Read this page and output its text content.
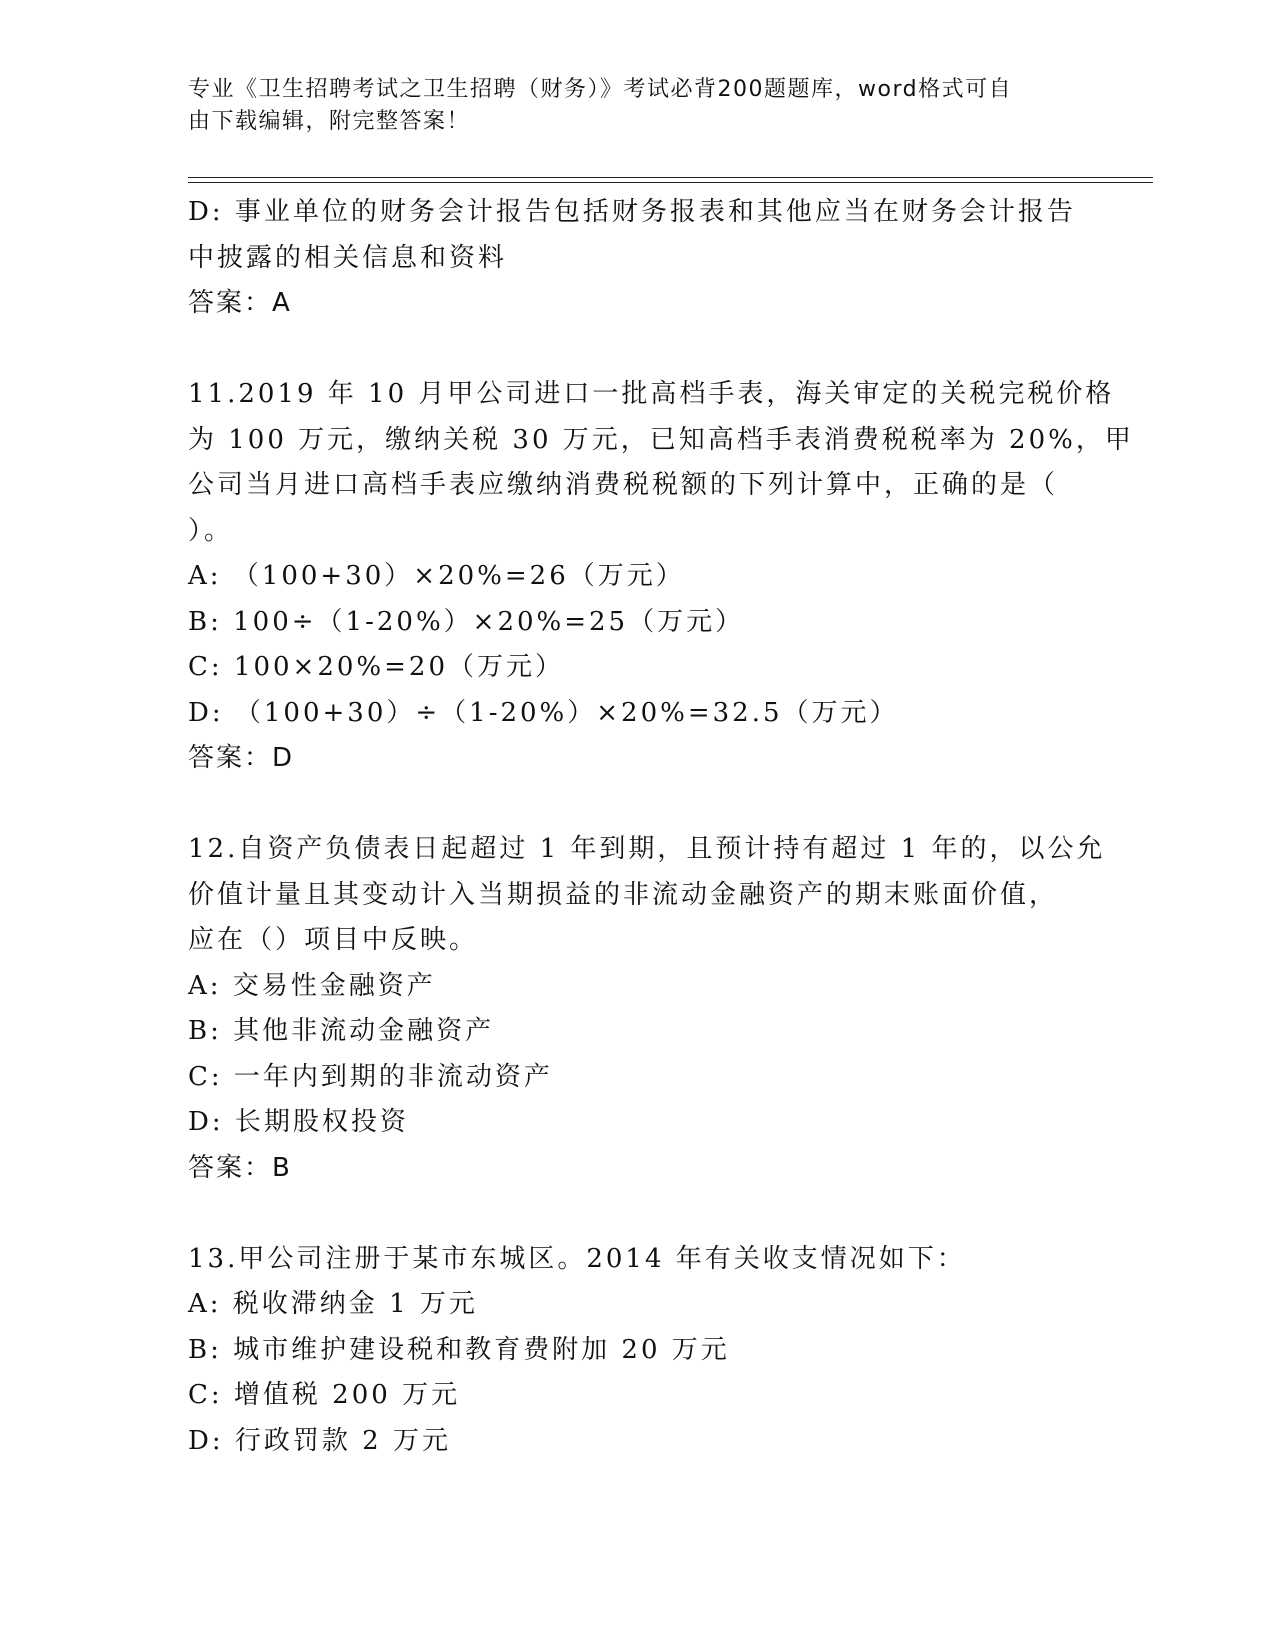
专业《卫生招聘考试之卫生招聘（财务）》考试必背200题题库，word格式可自
由下载编辑，附完整答案！
D: 事业单位的财务会计报告包括财务报表和其他应当在财务会计报告
中披露的相关信息和资料
答案：A
11.2019 年 10 月甲公司进口一批高档手表，海关审定的关税完税价格
为 100 万元，缴纳关税 30 万元，已知高档手表消费税税率为 20%，甲
公司当月进口高档手表应缴纳消费税税额的下列计算中，正确的是（
）。
A: （100+30）×20%=26（万元）
B: 100÷（1-20%）×20%=25（万元）
C: 100×20%=20（万元）
D: （100+30）÷（1-20%）×20%=32.5（万元）
答案：D
12.自资产负债表日起超过 1 年到期，且预计持有超过 1 年的，以公允
价值计量且其变动计入当期损益的非流动金融资产的期末账面价值，
应在（）项目中反映。
A: 交易性金融资产
B: 其他非流动金融资产
C: 一年内到期的非流动资产
D: 长期股权投资
答案：B
13.甲公司注册于某市东城区。2014 年有关收支情况如下：
A: 税收滞纳金 1 万元
B: 城市维护建设税和教育费附加 20 万元
C: 增值税 200 万元
D: 行政罚款 2 万元
